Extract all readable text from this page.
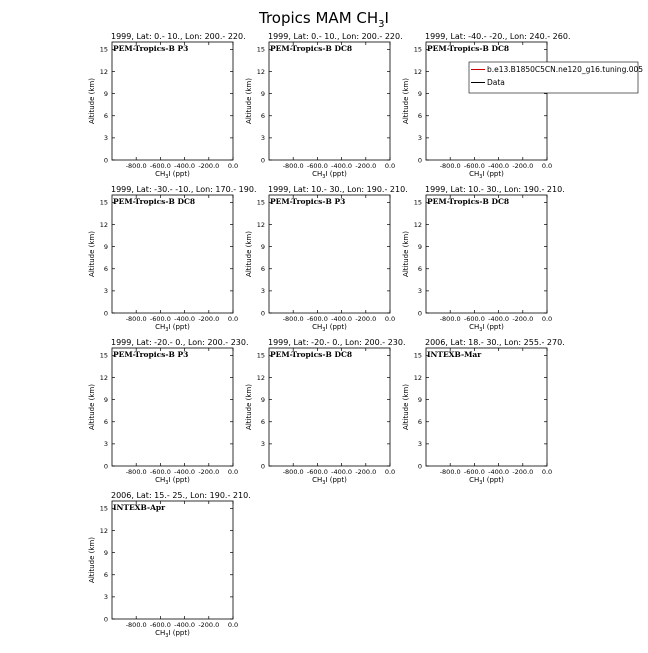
Tropics MAM $CH_3I$
1999, Lat: 0.- 10., Lon: 200.- 220.
PEM-Tropics-B P3
0
3
6
9
12
15
-800.0 -600.0 -400.0 -200.0 0.0
$CH_3I$ (ppt)
Altitude (km)
1999, Lat: 0.- 10., Lon: 200.- 220.
PEM-Tropics-B DC8
0
3
6
9
12
15
-800.0 -600.0 -400.0 -200.0 0.0
$CH_3I$ (ppt)
Altitude (km)
1999, Lat: -40.- -20., Lon: 240.- 260.
PEM-Tropics-B DC8
0
3
6
9
12
15
-800.0 -600.0 -400.0 -200.0 0.0
$CH_3I$ (ppt)
Altitude (km)
1999, Lat: -30.- -10., Lon: 170.- 190.
PEM-Tropics-B DC8
0
3
6
9
12
15
-800.0 -600.0 -400.0 -200.0 0.0
$CH_3I$ (ppt)
Altitude (km)
1999, Lat: 10.- 30., Lon: 190.- 210.
PEM-Tropics-B P3
0
3
6
9
12
15
-800.0 -600.0 -400.0 -200.0 0.0
$CH_3I$ (ppt)
Altitude (km)
1999, Lat: 10.- 30., Lon: 190.- 210.
PEM-Tropics-B DC8
0
3
6
9
12
15
-800.0 -600.0 -400.0 -200.0 0.0
$CH_3I$ (ppt)
Altitude (km)
1999, Lat: -20.- 0., Lon: 200.- 230.
PEM-Tropics-B P3
0
3
6
9
12
15
-800.0 -600.0 -400.0 -200.0 0.0
$CH_3I$ (ppt)
Altitude (km)
1999, Lat: -20.- 0., Lon: 200.- 230.
PEM-Tropics-B DC8
0
3
6
9
12
15
-800.0 -600.0 -400.0 -200.0 0.0
$CH_3I$ (ppt)
Altitude (km)
2006, Lat: 18.- 30., Lon: 255.- 270.
INTEXB-Mar
0
3
6
9
12
15
-800.0 -600.0 -400.0 -200.0 0.0
$CH_3I$ (ppt)
Altitude (km)
2006, Lat: 15.- 25., Lon: 190.- 210.
INTEXB-Apr
0
3
6
9
12
15
-800.0 -600.0 -400.0 -200.0 0.0
$CH_3I$ (ppt)
Altitude (km)
b.e13.B1850C5CN.ne120_g16.tuning.005
Data
